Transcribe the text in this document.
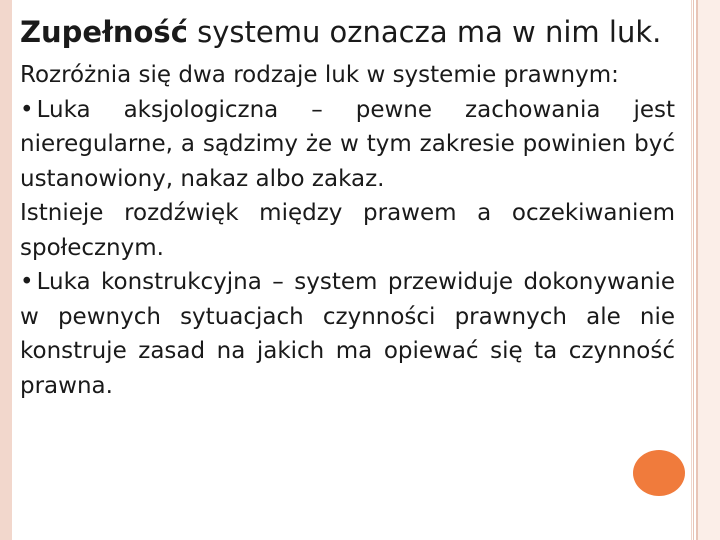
Zupełność systemu oznacza ma w nim luk.

Rozróżnia się dwa rodzaje luk w systemie prawnym:
• Luka aksjologiczna – pewne zachowania jest nieregularne, a sądzimy że w tym zakresie powinien być ustanowiony, nakaz albo zakaz.
Istnieje rozdźwięk między prawem a oczekiwaniem społecznym.
• Luka konstrukcyjna – system przewiduje dokonywanie w pewnych sytuacjach czynności prawnych ale nie konstruje zasad na jakich ma opiewać się ta czynność prawna.
